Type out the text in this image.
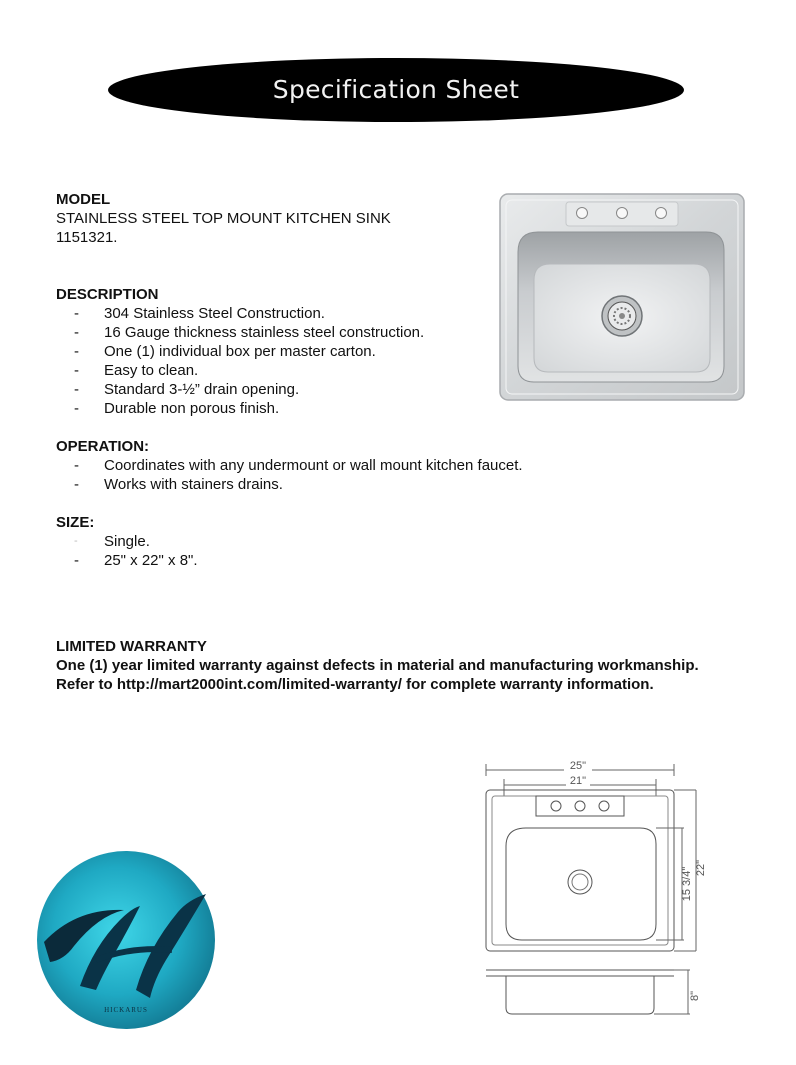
Specification Sheet
MODEL
STAINLESS STEEL TOP MOUNT KITCHEN SINK
1151321.
DESCRIPTION
- 304 Stainless Steel Construction.
- 16 Gauge thickness stainless steel construction.
- One (1) individual box per master carton.
- Easy to clean.
- Standard 3-½” drain opening.
- Durable non porous finish.
OPERATION:
- Coordinates with any undermount or wall mount kitchen faucet.
- Works with stainers drains.
SIZE:
- Single.
- 25" x 22" x 8".
LIMITED WARRANTY
One (1) year limited warranty against defects in material and manufacturing workmanship.
Refer to http://mart2000int.com/limited-warranty/ for complete warranty information.
25"
21"
15 3/4" 22"
8"
HICKARUS
